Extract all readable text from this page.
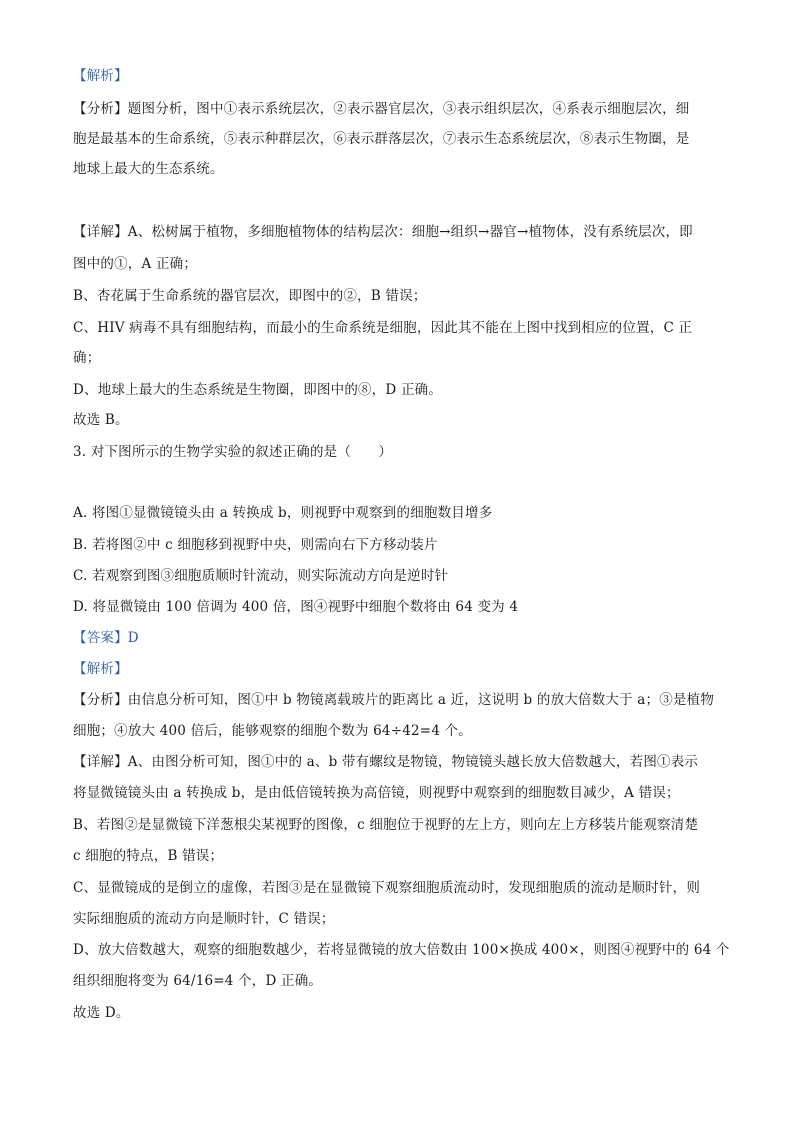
【解析】
【分析】题图分析，图中①表示系统层次，②表示器官层次，③表示组织层次，④系表示细胞层次，细
胞是最基本的生命系统，⑤表示种群层次，⑥表示群落层次，⑦表示生态系统层次，⑧表示生物圈，是
地球上最大的生态系统。
【详解】A、松树属于植物，多细胞植物体的结构层次：细胞→组织→器官→植物体，没有系统层次，即
图中的①，A 正确；
B、杏花属于生命系统的器官层次，即图中的②，B 错误；
C、HIV 病毒不具有细胞结构，而最小的生命系统是细胞，因此其不能在上图中找到相应的位置，C 正
确；
D、地球上最大的生态系统是生物圈，即图中的⑧，D 正确。
故选 B。
3. 对下图所示的生物学实验的叙述正确的是（　　）
A. 将图①显微镜镜头由 a 转换成 b，则视野中观察到的细胞数目增多
B. 若将图②中 c 细胞移到视野中央，则需向右下方移动装片
C. 若观察到图③细胞质顺时针流动，则实际流动方向是逆时针
D. 将显微镜由 100 倍调为 400 倍，图④视野中细胞个数将由 64 变为 4
【答案】D
【解析】
【分析】由信息分析可知，图①中 b 物镜离载玻片的距离比 a 近，这说明 b 的放大倍数大于 a；③是植物
细胞；④放大 400 倍后，能够观察的细胞个数为 64÷42=4 个。
【详解】A、由图分析可知，图①中的 a、b 带有螺纹是物镜，物镜镜头越长放大倍数越大，若图①表示
将显微镜镜头由 a 转换成 b，是由低倍镜转换为高倍镜，则视野中观察到的细胞数目减少，A 错误；
B、若图②是显微镜下洋葱根尖某视野的图像，c 细胞位于视野的左上方，则向左上方移装片能观察清楚
c 细胞的特点，B 错误；
C、显微镜成的是倒立的虚像，若图③是在显微镜下观察细胞质流动时，发现细胞质的流动是顺时针，则
实际细胞质的流动方向是顺时针，C 错误；
D、放大倍数越大，观察的细胞数越少，若将显微镜的放大倍数由 100×换成 400×，则图④视野中的 64 个
组织细胞将变为 64/16=4 个，D 正确。
故选 D。
